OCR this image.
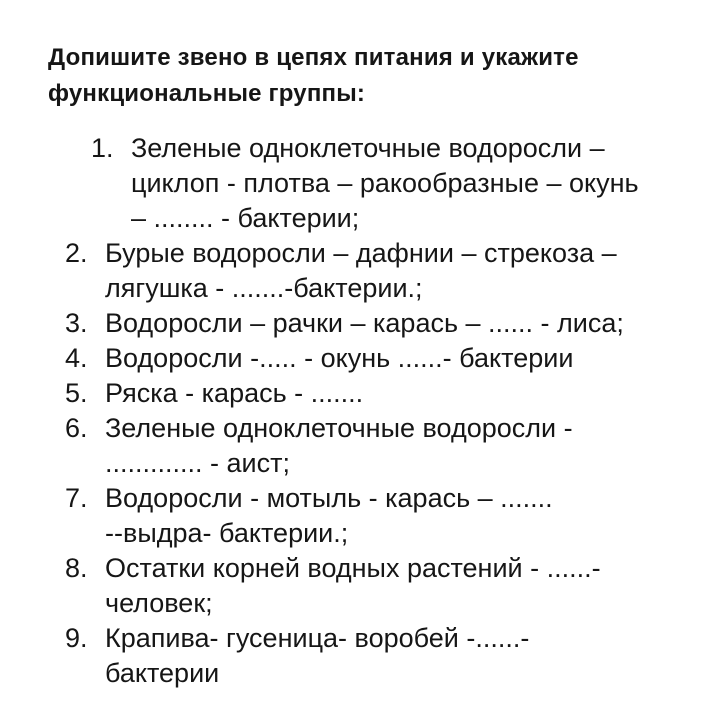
Допишите звено в цепях питания и укажите
функциональные группы:
1. Зеленые одноклеточные водоросли –
циклоп - плотва – ракообразные – окунь
– ........ - бактерии;
2. Бурые водоросли – дафнии – стрекоза –
лягушка - .......-бактерии.;
3. Водоросли – рачки – карась – ...... - лиса;
4. Водоросли -..... - окунь ......- бактерии
5. Ряска - карась - .......
6. Зеленые одноклеточные водоросли -
............. - аист;
7. Водоросли - мотыль - карась – .......
--выдра- бактерии.;
8. Остатки корней водных растений - ......-
человек;
9. Крапива- гусеница- воробей -......-
бактерии
